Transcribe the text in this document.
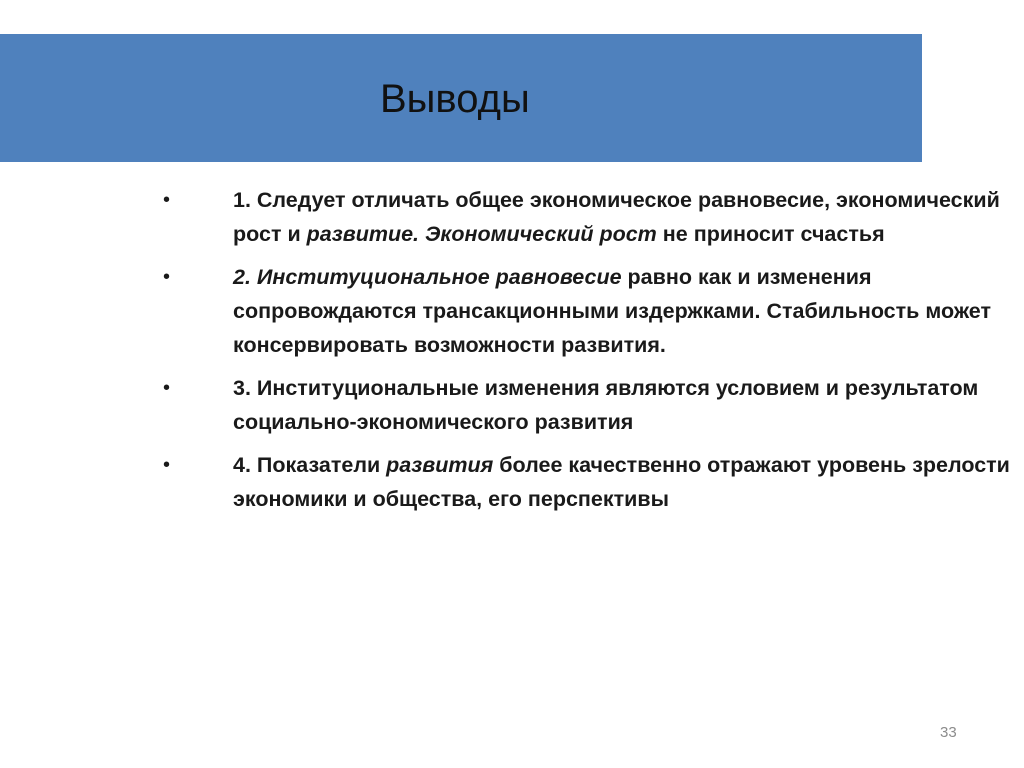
Выводы
•	1. Следует отличать общее экономическое равновесие, экономический рост и развитие. Экономический рост не приносит счастья
•	2. Институциональное равновесие равно как и изменения сопровождаются трансакционными издержками. Стабильность может консервировать возможности развития.
•	3. Институциональные изменения являются условием и результатом социально-экономического развития
•	4. Показатели развития более качественно отражают уровень зрелости экономики и общества, его перспективы
33
